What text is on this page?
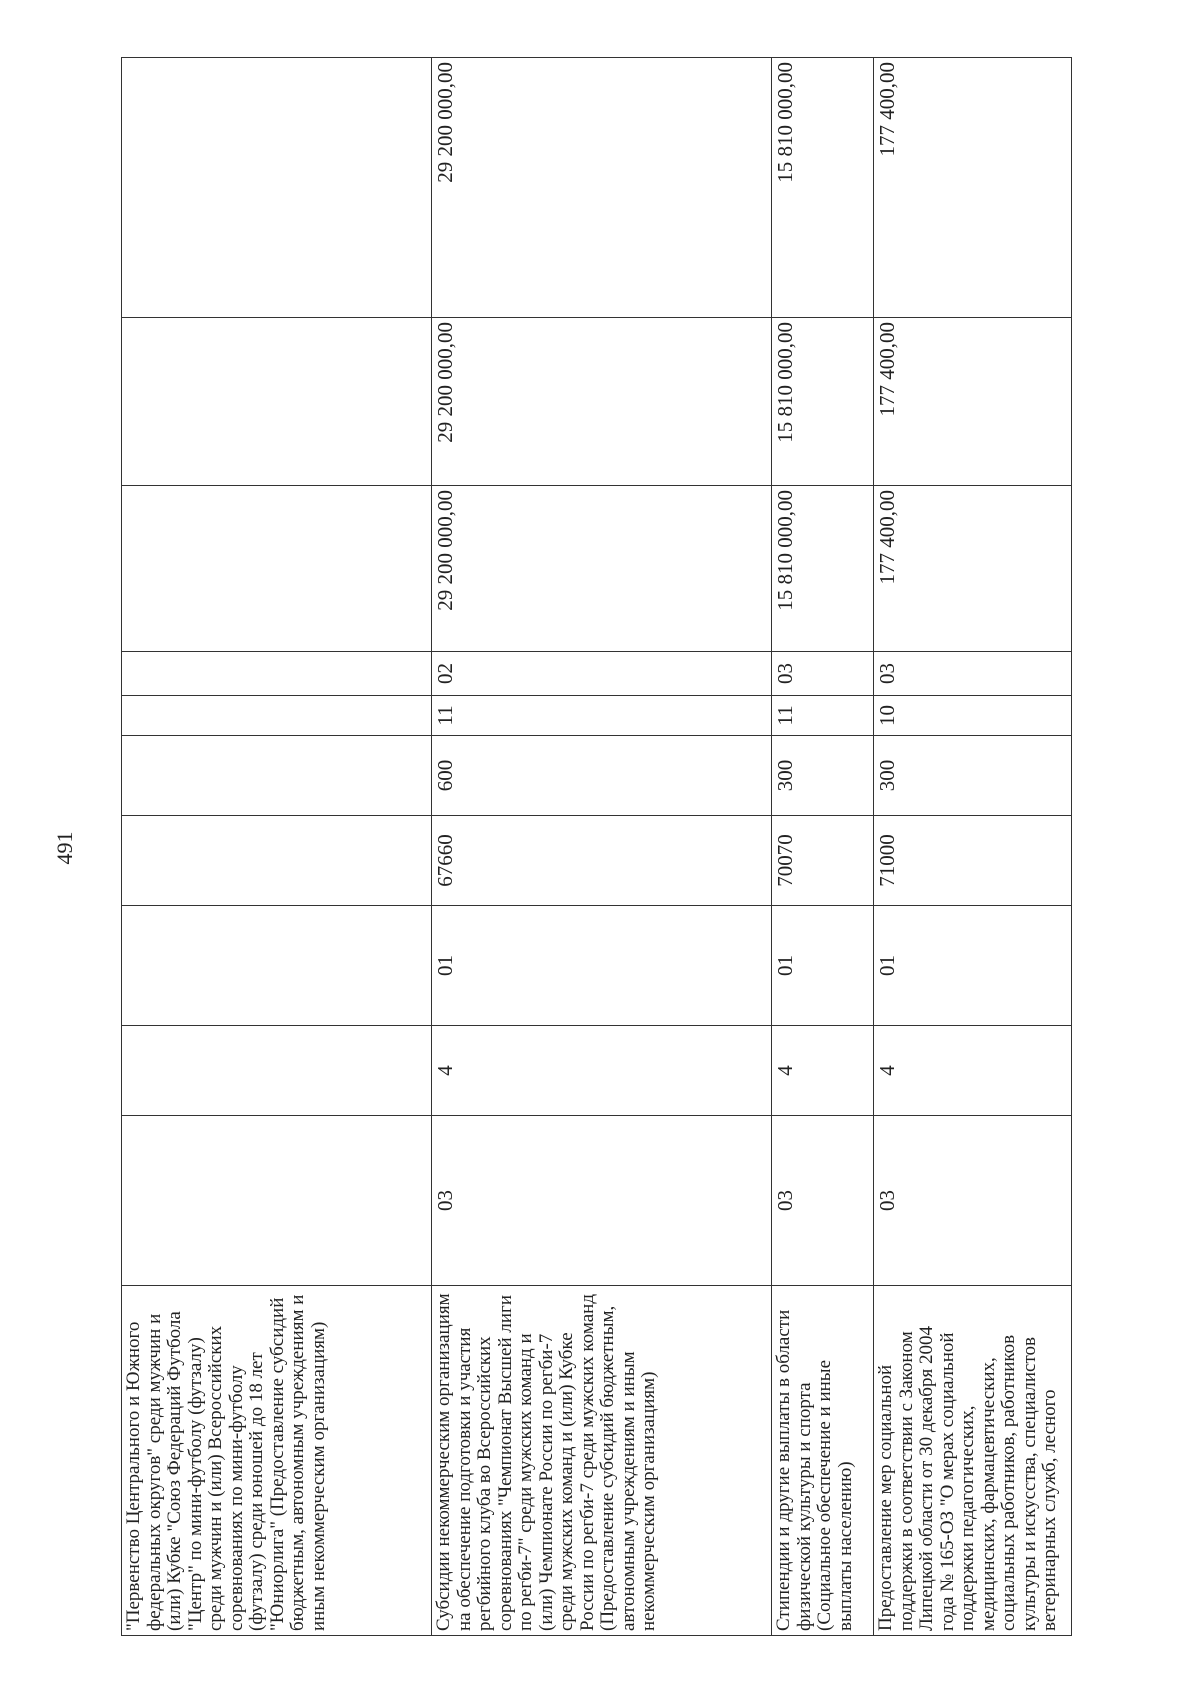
491
"Первенство Центрального и Южного федеральных округов" среди мужчин и (или) Кубке "Союз Федераций Футбола "Центр" по мини-футболу (футзалу) среди мужчин и (или) Всероссийских соревнованиях по мини-футболу (футзалу) среди юношей до 18 лет "Юниорлига" (Предоставление субсидий бюджетным, автономным учреждениям и иным некоммерческим организациям)										
Субсидии некоммерческим организациям на обеспечение подготовки и участия регбийного клуба во Всероссийских соревнованиях "Чемпионат Высшей лиги по регби-7" среди мужских команд и (или) Чемпионате России по регби-7 среди мужских команд и (или) Кубке России по регби-7 среди мужских команд (Предоставление субсидий бюджетным, автономным учреждениям и иным некоммерческим организациям)	03	4	01	67660	600	11	02	29 200 000,00	29 200 000,00	29 200 000,00
Стипендии и другие выплаты в области физической культуры и спорта (Социальное обеспечение и иные выплаты населению)	03	4	01	70070	300	11	03	15 810 000,00	15 810 000,00	15 810 000,00
Предоставление мер социальной поддержки в соответствии с Законом Липецкой области от 30 декабря 2004 года № 165-ОЗ "О мерах социальной поддержки педагогических, медицинских, фармацевтических, социальных работников, работников культуры и искусства, специалистов ветеринарных служб, лесного	03	4	01	71000	300	10	03	177 400,00	177 400,00	177 400,00
